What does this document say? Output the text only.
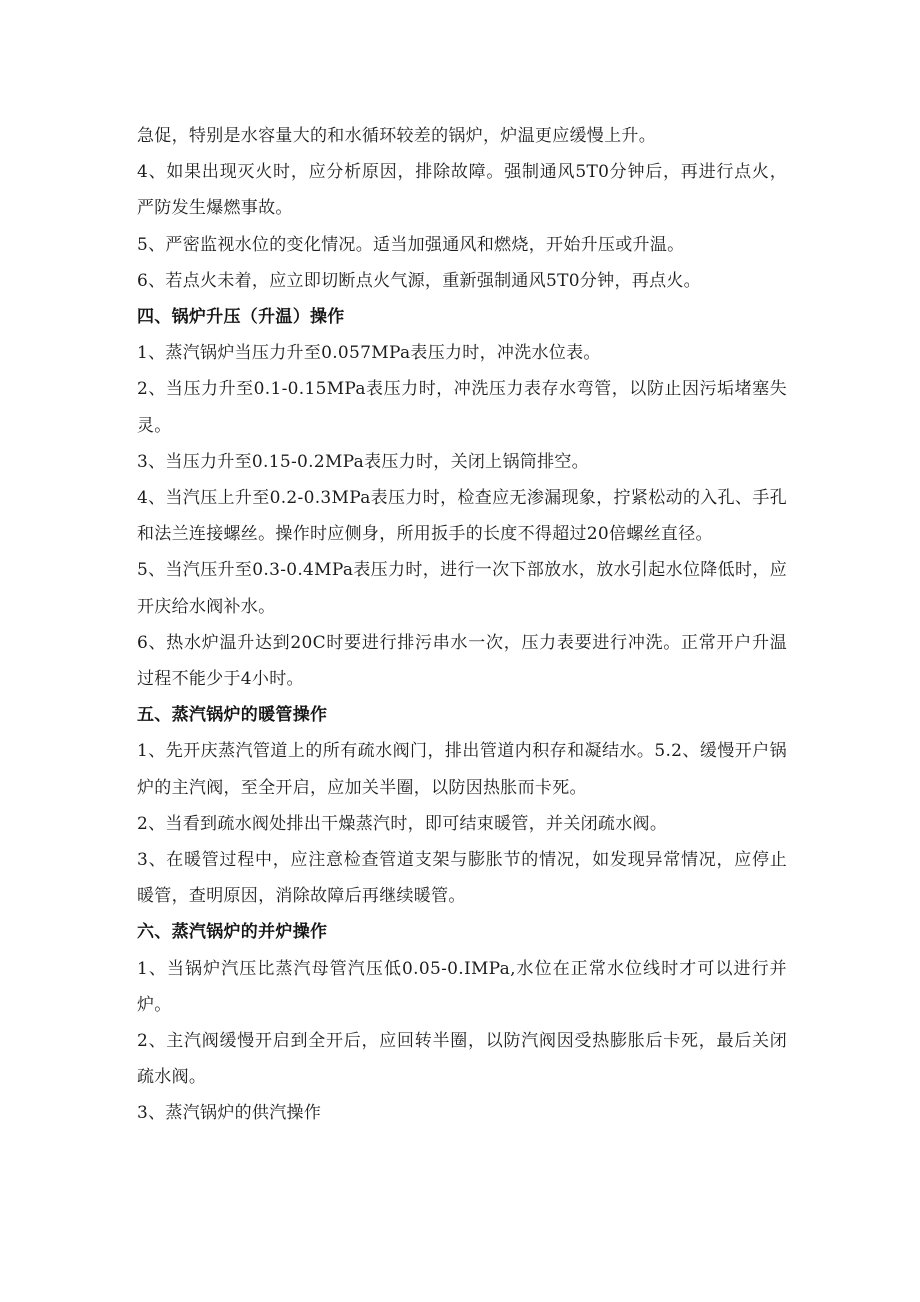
急促，特别是水容量大的和水循环较差的锅炉，炉温更应缓慢上升。

4、如果出现灭火时，应分析原因，排除故障。强制通风5T0分钟后，再进行点火，严防发生爆燃事故。

5、严密监视水位的变化情况。适当加强通风和燃烧，开始升压或升温。

6、若点火未着，应立即切断点火气源，重新强制通风5T0分钟，再点火。

四、锅炉升压（升温）操作

1、蒸汽锅炉当压力升至0.057MPa表压力时，冲洗水位表。

2、当压力升至0.1-0.15MPa表压力时，冲洗压力表存水弯管，以防止因污垢堵塞失灵。

3、当压力升至0.15-0.2MPa表压力时，关闭上锅筒排空。

4、当汽压上升至0.2-0.3MPa表压力时，检查应无渗漏现象，拧紧松动的入孔、手孔和法兰连接螺丝。操作时应侧身，所用扳手的长度不得超过20倍螺丝直径。

5、当汽压升至0.3-0.4MPa表压力时，进行一次下部放水，放水引起水位降低时，应开庆给水阀补水。

6、热水炉温升达到20C时要进行排污串水一次，压力表要进行冲洗。正常开户升温过程不能少于4小时。

五、蒸汽锅炉的暖管操作

1、先开庆蒸汽管道上的所有疏水阀门，排出管道内积存和凝结水。5.2、缓慢开户锅炉的主汽阀，至全开启，应加关半圈，以防因热胀而卡死。

2、当看到疏水阀处排出干燥蒸汽时，即可结束暖管，并关闭疏水阀。

3、在暖管过程中，应注意检查管道支架与膨胀节的情况，如发现异常情况，应停止暖管，查明原因，消除故障后再继续暖管。

六、蒸汽锅炉的并炉操作

1、当锅炉汽压比蒸汽母管汽压低0.05-0.IMPa,水位在正常水位线时才可以进行并炉。

2、主汽阀缓慢开启到全开后，应回转半圈，以防汽阀因受热膨胀后卡死，最后关闭疏水阀。

3、蒸汽锅炉的供汽操作
